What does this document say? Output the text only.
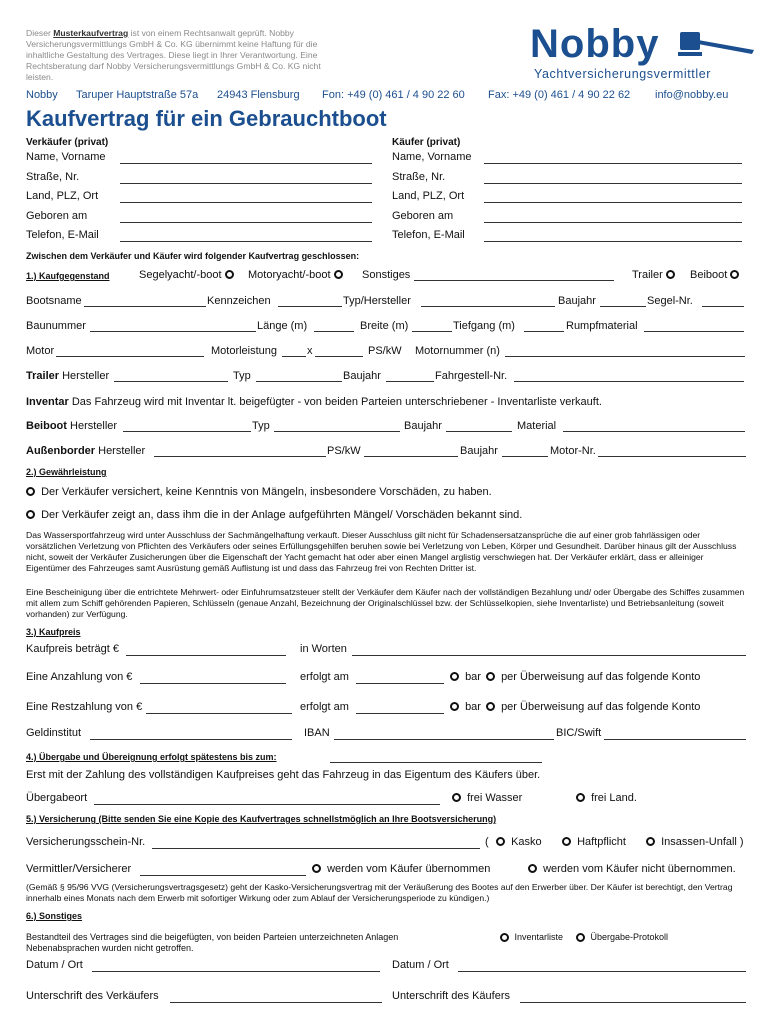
Dieser Musterkaufvertrag ist von einem Rechtsanwalt geprüft. Nobby Versicherungsvermittlungs GmbH & Co. KG übernimmt keine Haftung für die inhaltliche Gestaltung des Vertrages. Diese liegt in Ihrer Verantwortung. Eine Rechtsberatung darf Nobby Versicherungsvermittlungs GmbH & Co. KG nicht leisten.
Nobby
Yachtversicherungsvermittler
Nobby Taruper Hauptstraße 57a 24943 Flensburg Fon: +49 (0) 461 / 4 90 22 60 Fax: +49 (0) 461 / 4 90 22 62 info@nobby.eu
Kaufvertrag für ein Gebrauchtboot
Verkäufer (privat)	Käufer (privat)
Name, Vorname	Name, Vorname
Straße, Nr.	Straße, Nr.
Land, PLZ, Ort	Land, PLZ, Ort
Geboren am	Geboren am
Telefon, E-Mail	Telefon, E-Mail
Zwischen dem Verkäufer und Käufer wird folgender Kaufvertrag geschlossen:
1.) Kaufgegenstand	Segelyacht/-boot	Motoryacht/-boot	Sonstiges	Trailer	Beiboot
Bootsname	Kennzeichen	Typ/Hersteller	Baujahr	Segel-Nr.
Baunummer	Länge (m)	Breite (m)	Tiefgang (m)	Rumpfmaterial
Motor	Motorleistung	x	PS/kW Motornummer (n)
Trailer Hersteller	Typ	Baujahr	Fahrgestell-Nr.
Inventar Das Fahrzeug wird mit Inventar lt. beigefügter - von beiden Parteien unterschriebener - Inventarliste verkauft.
Beiboot Hersteller	Typ	Baujahr	Material
Außenborder Hersteller	PS/kW	Baujahr	Motor-Nr.
2.) Gewährleistung
Der Verkäufer versichert, keine Kenntnis von Mängeln, insbesondere Vorschäden, zu haben.
Der Verkäufer zeigt an, dass ihm die in der Anlage aufgeführten Mängel/ Vorschäden bekannt sind.
Das Wassersportfahrzeug wird unter Ausschluss der Sachmängelhaftung verkauft. Dieser Ausschluss gilt nicht für Schadensersatzansprüche die auf einer grob fahrlässigen oder vorsätzlichen Verletzung von Pflichten des Verkäufers oder seines Erfüllungsgehilfen beruhen sowie bei Verletzung von Leben, Körper und Gesundheit. Darüber hinaus gilt der Ausschluss nicht, soweit der Verkäufer Zusicherungen über die Eigenschaft der Yacht gemacht hat oder aber einen Mangel arglistig verschwiegen hat. Der Verkäufer erklärt, dass er alleiniger Eigentümer des Fahrzeuges samt Ausrüstung gemäß Auflistung ist und dass das Fahrzeug frei von Rechten Dritter ist.
Eine Bescheinigung über die entrichtete Mehrwert- oder Einfuhrumsatzsteuer stellt der Verkäufer dem Käufer nach der vollständigen Bezahlung und/ oder Übergabe des Schiffes zusammen mit allem zum Schiff gehörenden Papieren, Schlüsseln (genaue Anzahl, Bezeichnung der Originalschlüssel bzw. der Schlüsselkopien, siehe Inventarliste) und Betriebsanleitung (soweit vorhanden) zur Verfügung.
3.) Kaufpreis
Kaufpreis beträgt €	in Worten
Eine Anzahlung von €	erfolgt am	bar	per Überweisung auf das folgende Konto
Eine Restzahlung von €	erfolgt am	bar	per Überweisung auf das folgende Konto
Geldinstitut	IBAN	BIC/Swift
4.) Übergabe und Übereignung erfolgt spätestens bis zum:
Erst mit der Zahlung des vollständigen Kaufpreises geht das Fahrzeug in das Eigentum des Käufers über.
Übergabeort	frei Wasser	frei Land.
5.) Versicherung (Bitte senden Sie eine Kopie des Kaufvertrages schnellstmöglich an Ihre Bootsversicherung)
Versicherungsschein-Nr.	(	Kasko	Haftpflicht	Insassen-Unfall )
Vermittler/Versicherer	werden vom Käufer übernommen	werden vom Käufer nicht übernommen.
(Gemäß § 95/96 VVG (Versicherungsvertragsgesetz) geht der Kasko-Versicherungsvertrag mit der Veräußerung des Bootes auf den Erwerber über. Der Käufer ist berechtigt, den Vertrag innerhalb eines Monats nach dem Erwerb mit sofortiger Wirkung oder zum Ablauf der Versicherungsperiode zu kündigen.)
6.) Sonstiges
Bestandteil des Vertrages sind die beigefügten, von beiden Parteien unterzeichneten Anlagen Nebenabsprachen wurden nicht getroffen.
Inventarliste	Übergabe-Protokoll
Datum / Ort	Datum / Ort
Unterschrift des Verkäufers	Unterschrift des Käufers
